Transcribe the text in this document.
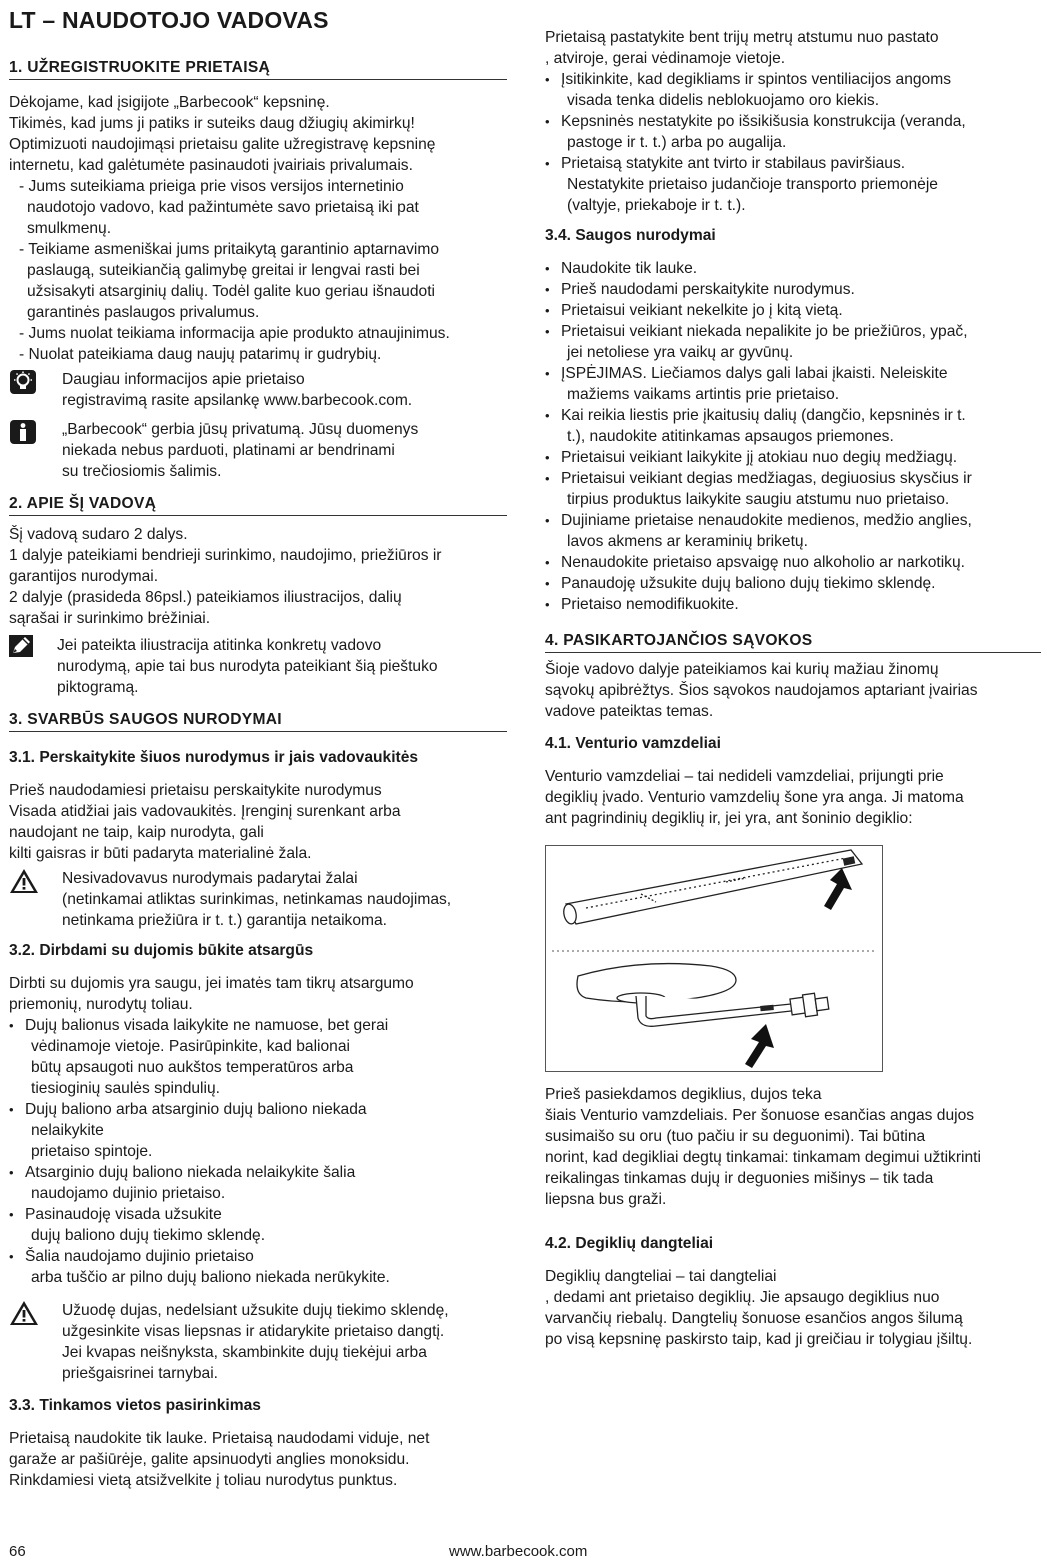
LT – NAUDOTOJO VADOVAS
1. UŽREGISTRUOKITE PRIETAISĄ

Dėkojame, kad įsigijote „Barbecook“ kepsninę.

Tikimės, kad jums ji patiks ir suteiks daug džiugių akimirkų!

Optimizuoti naudojimąsi prietaisu galite užregistravę kepsninę

internetu, kad galėtumėte pasinaudoti įvairiais privalumais.

- Jums suteikiama prieiga prie visos versijos internetinio

naudotojo vadovo, kad pažintumėte savo prietaisą iki pat

smulkmenų.

- Teikiame asmeniškai jums pritaikytą garantinio aptarnavimo

paslaugą, suteikiančią galimybę greitai ir lengvai rasti bei

užsisakyti atsarginių dalių. Todėl galite kuo geriau išnaudoti

garantinės paslaugos privalumus.

- Jums nuolat teikiama informacija apie produkto atnaujinimus.

- Nuolat pateikiama daug naujų patarimų ir gudrybių.

Daugiau informacijos apie prietaiso

registravimą rasite apsilankę www.barbecook.com.

„Barbecook“ gerbia jūsų privatumą. Jūsų duomenys

niekada nebus parduoti, platinami ar bendrinami

su trečiosiomis šalimis.

2. APIE ŠĮ VADOVĄ

Šį vadovą sudaro 2 dalys.

1 dalyje pateikiami bendrieji surinkimo, naudojimo, priežiūros ir

garantijos nurodymai.

2 dalyje (prasideda 86psl.) pateikiamos iliustracijos, dalių

sąrašai ir surinkimo brėžiniai.

Jei pateikta iliustracija atitinka konkretų vadovo

nurodymą, apie tai bus nurodyta pateikiant šią pieštuko

piktogramą.

3. SVARBŪS SAUGOS NURODYMAI
3.1. Perskaitykite šiuos nurodymus ir jais vadovaukitės

Prieš naudodamiesi prietaisu perskaitykite nurodymus

Visada atidžiai jais vadovaukitės. Įrenginį surenkant arba

naudojant ne taip, kaip nurodyta, gali

kilti gaisras ir būti padaryta materialinė žala.

Nesivadovavus nurodymais padarytai žalai

(netinkamai atliktas surinkimas, netinkamas naudojimas,

netinkama priežiūra ir t. t.) garantija netaikoma.

3.2. Dirbdami su dujomis būkite atsargūs

Dirbti su dujomis yra saugu, jei imatės tam tikrų atsargumo

priemonių, nurodytų toliau.

• Dujų balionus visada laikykite ne namuose, bet gerai
vėdinamoje vietoje. Pasirūpinkite, kad balionai
būtų apsaugoti nuo aukštos temperatūros arba
tiesioginių saulės spindulių.
• Dujų baliono arba atsarginio dujų baliono niekada
nelaikykite
prietaiso spintoje.
• Atsarginio dujų baliono niekada nelaikykite šalia
naudojamo dujinio prietaiso.
• Pasinaudoję visada užsukite
dujų baliono dujų tiekimo sklendę.
• Šalia naudojamo dujinio prietaiso
arba tuščio ar pilno dujų baliono niekada nerūkykite.

Užuodę dujas, nedelsiant užsukite dujų tiekimo sklendę,

užgesinkite visas liepsnas ir atidarykite prietaiso dangtį.

Jei kvapas neišnyksta, skambinkite dujų tiekėjui arba

priešgaisrinei tarnybai.

3.3. Tinkamos vietos pasirinkimas

Prietaisą naudokite tik lauke. Prietaisą naudodami viduje, net

garaže ar pašiūrėje, galite apsinuodyti anglies monoksidu.

Rinkdamiesi vietą atsižvelkite į toliau nurodytus punktus.

Prietaisą pastatykite bent trijų metrų atstumu nuo pastato

, atviroje, gerai vėdinamoje vietoje.

• Įsitikinkite, kad degikliams ir spintos ventiliacijos angoms
visada tenka didelis neblokuojamo oro kiekis.
• Kepsninės nestatykite po išsikišusia konstrukcija (veranda,
pastoge ir t. t.) arba po augalija.
• Prietaisą statykite ant tvirto ir stabilaus paviršiaus.
Nestatykite prietaiso judančioje transporto priemonėje
(valtyje, priekaboje ir t. t.).
3.4. Saugos nurodymai
• Naudokite tik lauke.
• Prieš naudodami perskaitykite nurodymus.
• Prietaisui veikiant nekelkite jo į kitą vietą.
• Prietaisui veikiant niekada nepalikite jo be priežiūros, ypač,
jei netoliese yra vaikų ar gyvūnų.
• ĮSPĖJIMAS. Liečiamos dalys gali labai įkaisti. Neleiskite
mažiems vaikams artintis prie prietaiso.
• Kai reikia liestis prie įkaitusių dalių (dangčio, kepsninės ir t.
t.), naudokite atitinkamas apsaugos priemones.
• Prietaisui veikiant laikykite jį atokiau nuo degių medžiagų.
• Prietaisui veikiant degias medžiagas, degiuosius skysčius ir
tirpius produktus laikykite saugiu atstumu nuo prietaiso.
• Dujiniame prietaise nenaudokite medienos, medžio anglies,
lavos akmens ar keraminių briketų.
• Nenaudokite prietaiso apsvaigę nuo alkoholio ar narkotikų.
• Panaudoję užsukite dujų baliono dujų tiekimo sklendę.
• Prietaiso nemodifikuokite.
4. PASIKARTOJANČIOS SĄVOKOS

Šioje vadovo dalyje pateikiamos kai kurių mažiau žinomų

sąvokų apibrėžtys. Šios sąvokos naudojamos aptariant įvairias

vadove pateiktas temas.

4.1. Venturio vamzdeliai

Venturio vamzdeliai – tai nedideli vamzdeliai, prijungti prie

degiklių įvado. Venturio vamzdelių šone yra anga. Ji matoma

ant pagrindinių degiklių ir, jei yra, ant šoninio degiklio:

Prieš pasiekdamos degiklius, dujos teka

šiais Venturio vamzdeliais. Per šonuose esančias angas dujos

susimaišo su oru (tuo pačiu ir su deguonimi). Tai būtina

norint, kad degikliai degtų tinkamai: tinkamam degimui užtikrinti

reikalingas tinkamas dujų ir deguonies mišinys – tik tada

liepsna bus graži.

4.2. Degiklių dangteliai

Degiklių dangteliai – tai dangteliai

, dedami ant prietaiso degiklių. Jie apsaugo degiklius nuo

varvančių riebalų. Dangtelių šonuose esančios angos šilumą

po visą kepsninę paskirsto taip, kad ji greičiau ir tolygiau įšiltų.

66	www.barbecook.com
